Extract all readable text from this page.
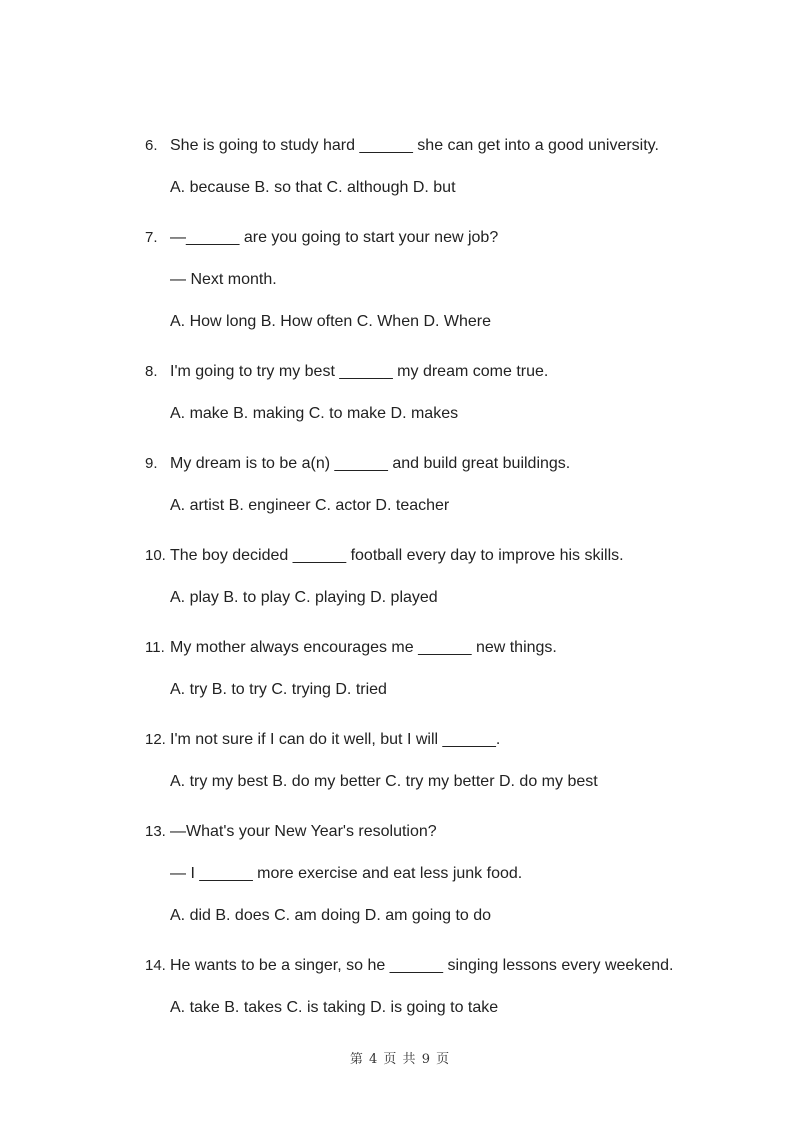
6. She is going to study hard ______ she can get into a good university.
A. because B. so that C. although D. but
7. —______ are you going to start your new job?
— Next month.
A. How long B. How often C. When D. Where
8. I'm going to try my best ______ my dream come true.
A. make B. making C. to make D. makes
9. My dream is to be a(n) ______ and build great buildings.
A. artist B. engineer C. actor D. teacher
10. The boy decided ______ football every day to improve his skills.
A. play B. to play C. playing D. played
11. My mother always encourages me ______ new things.
A. try B. to try C. trying D. tried
12. I'm not sure if I can do it well, but I will ______.
A. try my best B. do my better C. try my better D. do my best
13. —What's your New Year's resolution?
— I ______ more exercise and eat less junk food.
A. did B. does C. am doing D. am going to do
14. He wants to be a singer, so he ______ singing lessons every weekend.
A. take B. takes C. is taking D. is going to take
第 4 页 共 9 页
